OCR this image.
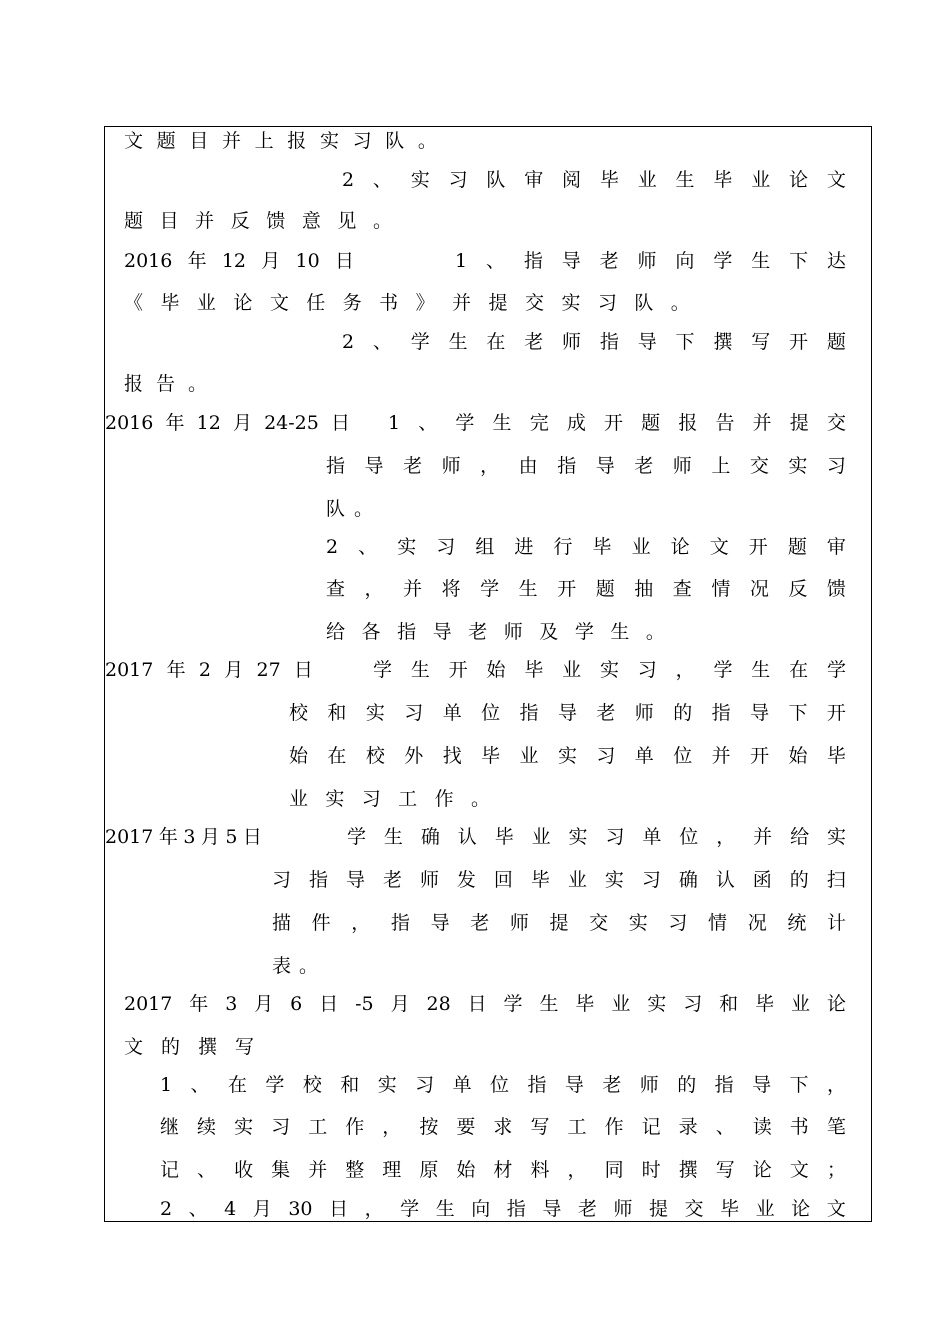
文 题 目 并 上 报 实 习 队 。
2 、 实 习 队 审 阅 毕 业 生 毕 业 论 文
题 目 并 反 馈 意 见 。
2016 年 12 月 10 日	1 、 指 导 老 师 向 学 生 下 达
《 毕 业 论 文 任 务 书 》 并 提 交 实 习 队 。
2 、 学 生 在 老 师 指 导 下 撰 写 开 题
报 告 。
2016 年 12 月 24-25 日 1 、 学 生 完 成 开 题 报 告 并 提 交
指 导 老 师 ， 由 指 导 老 师 上 交 实 习
队 。
2 、 实 习 组 进 行 毕 业 论 文 开 题 审
查 ， 并 将 学 生 开 题 抽 查 情 况 反 馈
给 各 指 导 老 师 及 学 生 。
2017 年 2 月 27 日	学 生 开 始 毕 业 实 习 ， 学 生 在 学
校 和 实 习 单 位 指 导 老 师 的 指 导 下 开
始 在 校 外 找 毕 业 实 习 单 位 并 开 始 毕
业 实 习 工 作 。
2017 年 3 月 5 日	学 生 确 认 毕 业 实 习 单 位 ， 并 给 实
习 指 导 老 师 发 回 毕 业 实 习 确 认 函 的 扫
描 件 ， 指 导 老 师 提 交 实 习 情 况 统 计
表 。
2017 年 3 月 6 日 -5 月 28 日 学 生 毕 业 实 习 和 毕 业 论
文 的 撰 写
1 、 在 学 校 和 实 习 单 位 指 导 老 师 的 指 导 下 ，
继 续 实 习 工 作 ， 按 要 求 写 工 作 记 录 、 读 书 笔
记 、 收 集 并 整 理 原 始 材 料 ， 同 时 撰 写 论 文 ；
2 、 4 月 30 日 ， 学 生 向 指 导 老 师 提 交 毕 业 论 文
